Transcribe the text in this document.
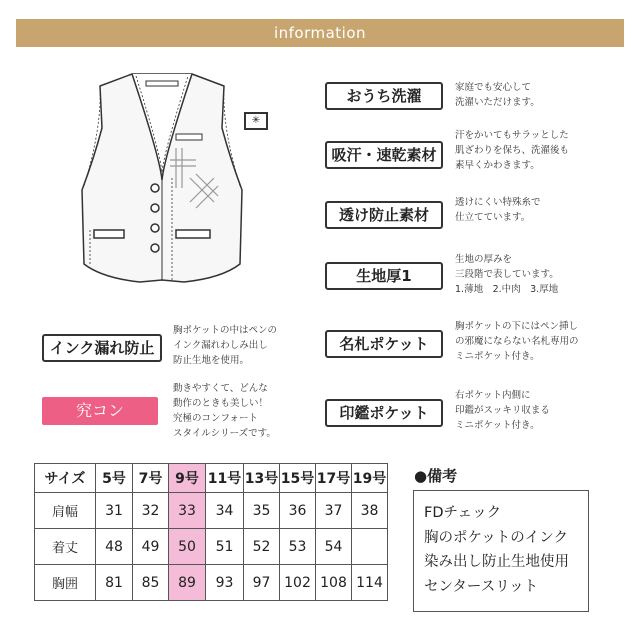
information
✳
おうち洗濯	家庭でも安心して
洗濯いただけます。
吸汗・速乾素材
汗をかいてもサラッとした
肌ざわりを保ち、洗濯後も
素早くかわきます。
透け防止素材
透けにくい特殊糸で
仕立てています。
生地厚1
生地の厚みを
三段階で表しています。
1.薄地　2.中肉　3.厚地
名札ポケット
胸ポケットの下にはペン挿し
の邪魔にならない名札専用の
ミニポケット付き。
印鑑ポケット
右ポケット内側に
印鑑がスッキリ収まる
ミニポケット付き。
インク漏れ防止
胸ポケットの中はペンの
インク漏れわしみ出し
防止生地を使用。
究コン
動きやすくて、どんな
動作のときも美しい！
究極のコンフォート
スタイルシリーズです。
サイズ	5号	7号	9号	11号	13号	15号	17号	19号
肩幅	31	32	33	34	35	36	37	38
着丈	48	49	50	51	52	53	54	
胸囲	81	85	89	93	97	102	108	114
●備考
FDチェック
胸のポケットのインク
染み出し防止生地使用
センタースリット
